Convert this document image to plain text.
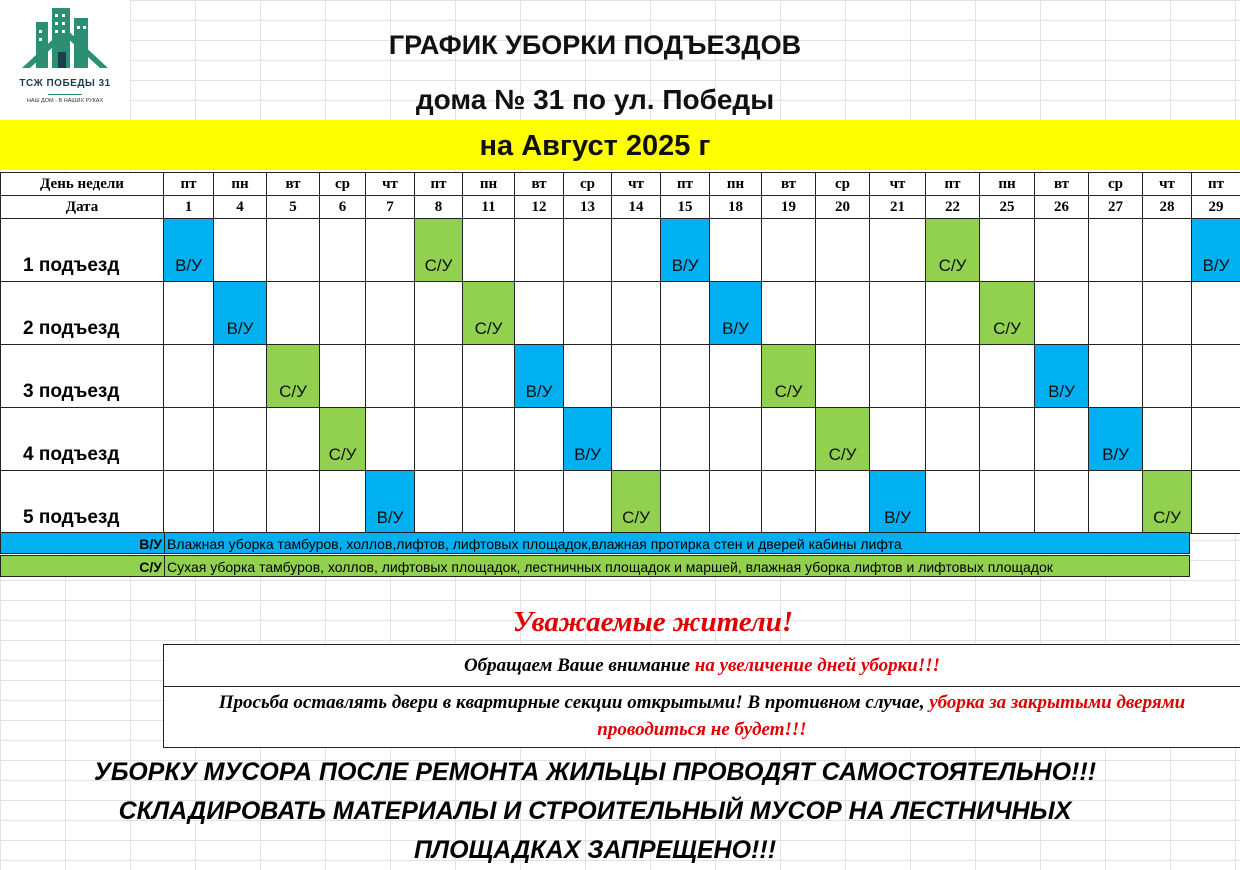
ТСЖ ПОБЕДЫ 31
НАШ ДОМ - В НАШИХ РУКАХ
ГРАФИК УБОРКИ ПОДЪЕЗДОВ
дома № 31 по ул. Победы
на Август 2025 г
День недели	пт	пн	вт	ср	чт	пт	пн	вт	ср	чт	пт	пн	вт	ср	чт	пт	пн	вт	ср	чт	пт
Дата	1	4	5	6	7	8	11	12	13	14	15	18	19	20	21	22	25	26	27	28	29
1 подъезд	В/У					С/У					В/У					С/У					В/У

2 подъезд		В/У					С/У					В/У					С/У				

3 подъезд			С/У					В/У					С/У					В/У			

4 подъезд				С/У					В/У					С/У					В/У		

5 подъезд					В/У					С/У					В/У					С/У	

В/У Влажная уборка тамбуров, холлов,лифтов, лифтовых площадок,влажная протирка стен и дверей кабины лифта
С/У Сухая уборка тамбуров, холлов, лифтовых площадок, лестничных площадок и маршей, влажная уборка лифтов и лифтовых площадок
Уважаемые жители!
Обращаем Ваше внимание на увеличение дней уборки!!!
Просьба оставлять двери в квартирные секции открытыми! В противном случае, уборка за закрытыми дверями проводиться не будет!!!
УБОРКУ МУСОРА ПОСЛЕ РЕМОНТА ЖИЛЬЦЫ ПРОВОДЯТ САМОСТОЯТЕЛЬНО!!!
СКЛАДИРОВАТЬ МАТЕРИАЛЫ И СТРОИТЕЛЬНЫЙ МУСОР НА ЛЕСТНИЧНЫХ
ПЛОЩАДКАХ ЗАПРЕЩЕНО!!!
